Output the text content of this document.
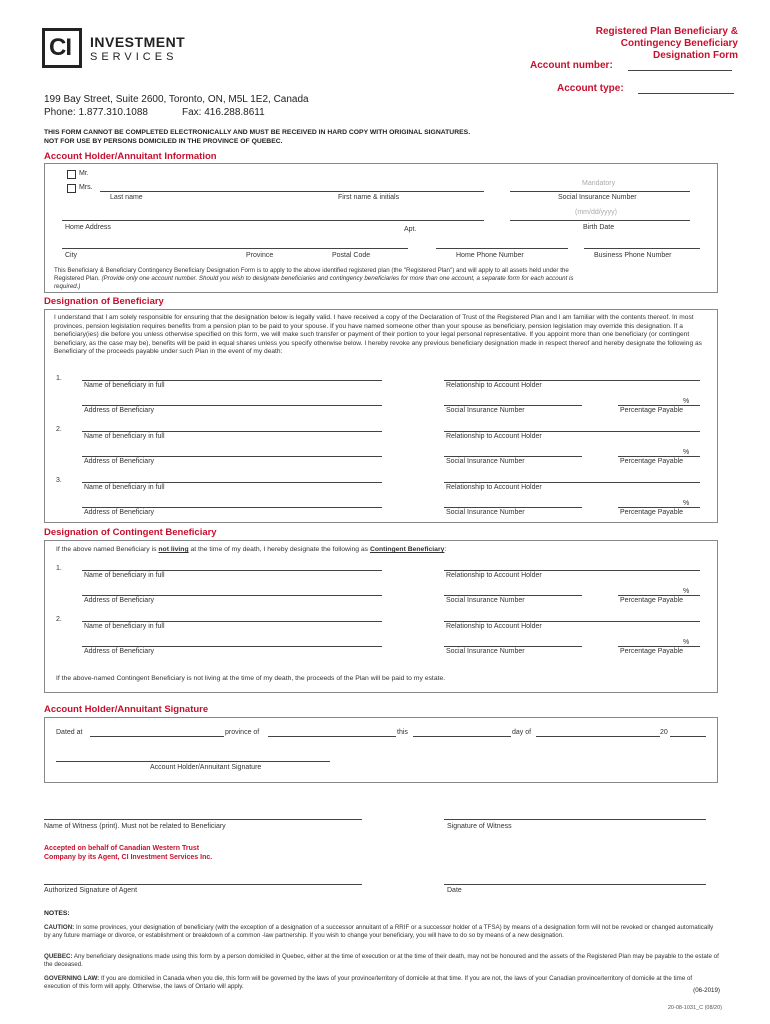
CI INVESTMENT
SERVICES
Registered Plan Beneficiary &
Contingency Beneficiary
Designation Form
Account number:
Account type:
199 Bay Street, Suite 2600, Toronto, ON, M5L 1E2, Canada
Phone: 1.877.310.1088	Fax: 416.288.8611
THIS FORM CANNOT BE COMPLETED ELECTRONICALLY AND MUST BE RECEIVED IN HARD COPY WITH ORIGINAL SIGNATURES.
NOT FOR USE BY PERSONS DOMICILED IN THE PROVINCE OF QUEBEC.
Account Holder/Annuitant Information
Mr.
Mrs.
Last name	First name & initials
Mandatory
Social Insurance Number
Home Address	Apt.
(mm/dd/yyyy)
Birth Date
City	Province	Postal Code	Home Phone Number	Business Phone Number
This Beneficiary & Beneficiary Contingency Beneficiary Designation Form is to apply to the above identified registered plan (the "Registered Plan") and will apply to all assets held under the
Registered Plan. (Provide only one account number. Should you wish to designate beneficiaries and contingency beneficiaries for more than one account, a separate form for each account is
required.)
Designation of Beneficiary
I understand that I am solely responsible for ensuring that the designation below is legally valid. I have received a copy of the Declaration of Trust of the Registered Plan and I am familiar with the contents thereof. In most provinces, pension legislation requires benefits from a pension plan to be paid to your spouse. If you have named someone other than your spouse as beneficiary, pension legislation may override this designation. If a beneficiary(ies) die before you unless otherwise specified on this form, we will make such transfer or payment of their portion to your legal personal representative. If you appoint more than one beneficiary (or contingent beneficiary, as the case may be), benefits will be paid in equal shares unless you specify otherwise below. I hereby revoke any previous beneficiary designation made in respect thereof and hereby designate the following as Beneficiary of the proceeds payable under such Plan in the event of my death:
1.
Name of beneficiary in full	Relationship to Account Holder
Address of Beneficiary	Social Insurance Number
%
Percentage Payable
2.
Name of beneficiary in full	Relationship to Account Holder
Address of Beneficiary	Social Insurance Number
%
Percentage Payable
3.
Name of beneficiary in full	Relationship to Account Holder
Address of Beneficiary	Social Insurance Number
%
Percentage Payable
Designation of Contingent Beneficiary
If the above named Beneficiary is not living at the time of my death, I hereby designate the following as Contingent Beneficiary:
1.
Name of beneficiary in full	Relationship to Account Holder
Address of Beneficiary	Social Insurance Number
%
Percentage Payable
2.
Name of beneficiary in full	Relationship to Account Holder
Address of Beneficiary	Social Insurance Number
%
Percentage Payable
If the above-named Contingent Beneficiary is not living at the time of my death, the proceeds of the Plan will be paid to my estate.
Account Holder/Annuitant Signature
Dated at	province of	this	day of	20
Account Holder/Annuitant Signature
Name of Witness (print). Must not be related to Beneficiary	Signature of Witness
Accepted on behalf of Canadian Western Trust
Company by its Agent, CI Investment Services Inc.
Authorized Signature of Agent	Date
NOTES:
CAUTION: In some provinces, your designation of beneficiary (with the exception of a designation of a successor annuitant of a RRIF or a successor holder of a TFSA) by means of a designation form will not be revoked or changed automatically by any future marriage or divorce, or establishment or breakdown of a common -law partnership. If you wish to change your beneficiary, you will have to do so by means of a new designation.
QUEBEC: Any beneficiary designations made using this form by a person domiciled in Quebec, either at the time of execution or at the time of their death, may not be honoured and the assets of the Registered Plan may be payable to the estate of the deceased.
GOVERNING LAW: If you are domiciled in Canada when you die, this form will be governed by the laws of your province/territory of domicile at that time. If you are not, the laws of your Canadian province/territory of domicile at the time of execution of this form will apply. Otherwise, the laws of Ontario will apply.
(06-2019)
20-08-1031_C (08/20)
